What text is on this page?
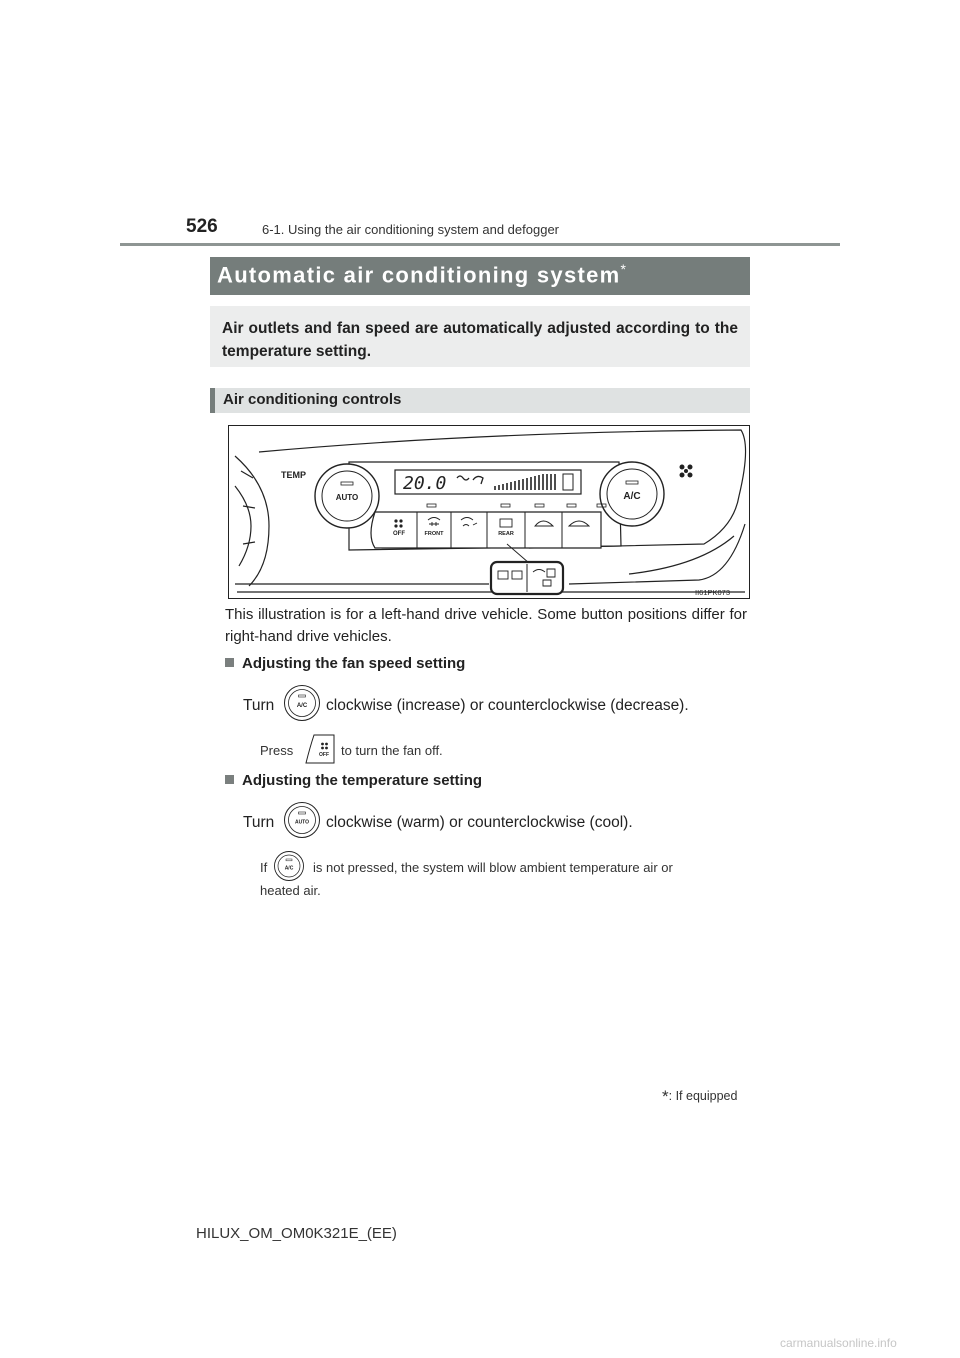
526	6-1. Using the air conditioning system and defogger
Automatic air conditioning system*
Air outlets and fan speed are automatically adjusted according to the temperature setting.
Air conditioning controls
TEMP
AUTO	A/C
20.0
OFF	FRONT	REAR
II61PK073
This illustration is for a left-hand drive vehicle. Some button positions differ for right-hand drive vehicles.
Adjusting the fan speed setting
Turn	A/C clockwise (increase) or counterclockwise (decrease).
Press	OFF to turn the fan off.
Adjusting the temperature setting
Turn	AUTO clockwise (warm) or counterclockwise (cool).
If	A/C is not pressed, the system will blow ambient temperature air or
heated air.
*: If equipped
HILUX_OM_OM0K321E_(EE)
carmanualsonline.info
